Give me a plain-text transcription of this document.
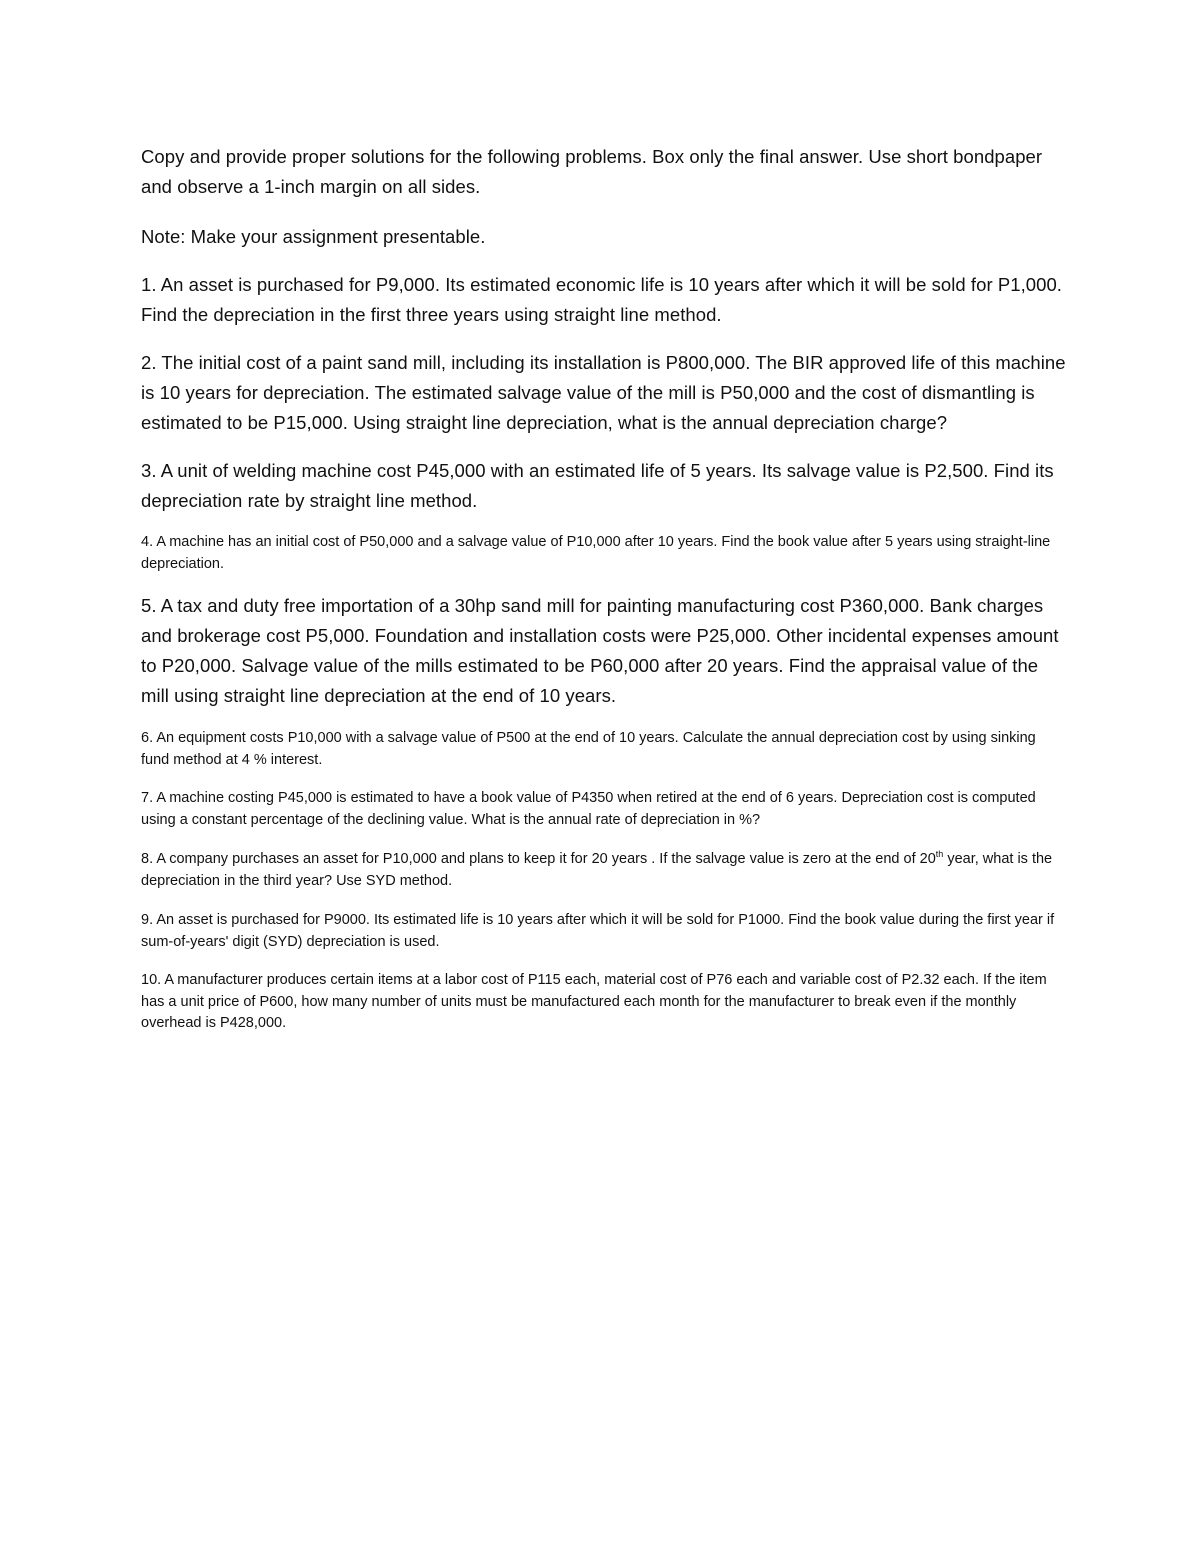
Copy and provide proper solutions for the following problems. Box only the final answer. Use short bondpaper and observe a 1-inch margin on all sides.

Note: Make your assignment presentable.

1. An asset is purchased for P9,000. Its estimated economic life is 10 years after which it will be sold for P1,000. Find the depreciation in the first three years using straight line method.

2. The initial cost of a paint sand mill, including its installation is P800,000. The BIR approved life of this machine is 10 years for depreciation. The estimated salvage value of the mill is P50,000 and the cost of dismantling is estimated to be P15,000. Using straight line depreciation, what is the annual depreciation charge?

3. A unit of welding machine cost P45,000 with an estimated life of 5 years. Its salvage value is P2,500. Find its depreciation rate by straight line method.

4. A machine has an initial cost of P50,000 and a salvage value of P10,000 after 10 years. Find the book value after 5 years using straight-line depreciation.

5. A tax and duty free importation of a 30hp sand mill for painting manufacturing cost P360,000. Bank charges and brokerage cost P5,000. Foundation and installation costs were P25,000. Other incidental expenses amount to P20,000. Salvage value of the mills estimated to be P60,000 after 20 years. Find the appraisal value of the mill using straight line depreciation at the end of 10 years.

6. An equipment costs P10,000 with a salvage value of P500 at the end of 10 years. Calculate the annual depreciation cost by using sinking fund method at 4 % interest.

7. A machine costing P45,000 is estimated to have a book value of P4350 when retired at the end of 6 years. Depreciation cost is computed using a constant percentage of the declining value. What is the annual rate of depreciation in %?

8. A company purchases an asset for P10,000 and plans to keep it for 20 years . If the salvage value is zero at the end of 20th year, what is the depreciation in the third year? Use SYD method.

9. An asset is purchased for P9000. Its estimated life is 10 years after which it will be sold for P1000. Find the book value during the first year if sum-of-years' digit (SYD) depreciation is used.

10. A manufacturer produces certain items at a labor cost of P115 each, material cost of P76 each and variable cost of P2.32 each. If the item has a unit price of P600, how many number of units must be manufactured each month for the manufacturer to break even if the monthly overhead is P428,000.
